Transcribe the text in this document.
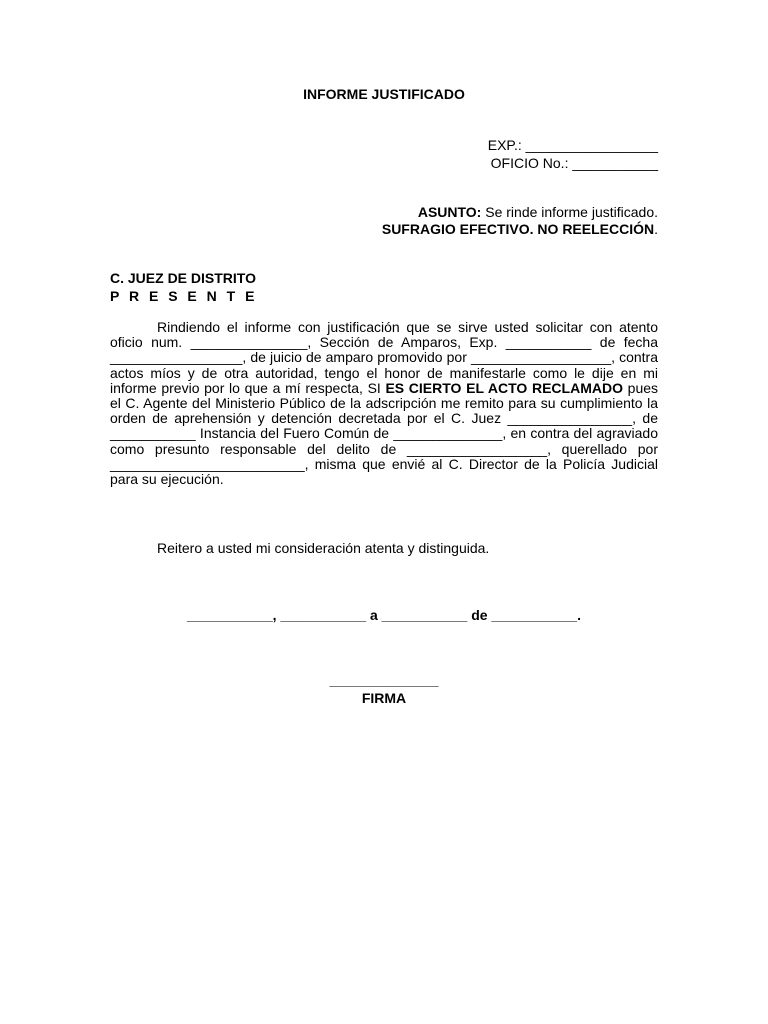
INFORME JUSTIFICADO
EXP.: _________________
OFICIO No.: ___________
ASUNTO: Se rinde informe justificado.
SUFRAGIO EFECTIVO. NO REELECCIÓN.
C. JUEZ DE DISTRITO
P R E S E N T E

Rindiendo el informe con justificación que se sirve usted solicitar con atento oficio num. _______________, Sección de Amparos, Exp. ___________ de fecha _________________, de juicio de amparo promovido por __________________, contra actos míos y de otra autoridad, tengo el honor de manifestarle como le dije en mi informe previo por lo que a mí respecta, SI ES CIERTO EL ACTO RECLAMADO pues el C. Agente del Ministerio Público de la adscripción me remito para su cumplimiento la orden de aprehensión y detención decretada por el C. Juez ________________, de ___________ Instancia del Fuero Común de ______________, en contra del agraviado como presunto responsable del delito de __________________, querellado por _________________________, misma que envié al C. Director de la Policía Judicial para su ejecución.

Reitero a usted mi consideración atenta y distinguida.
___________, ___________ a ___________ de ___________.
______________
FIRMA
